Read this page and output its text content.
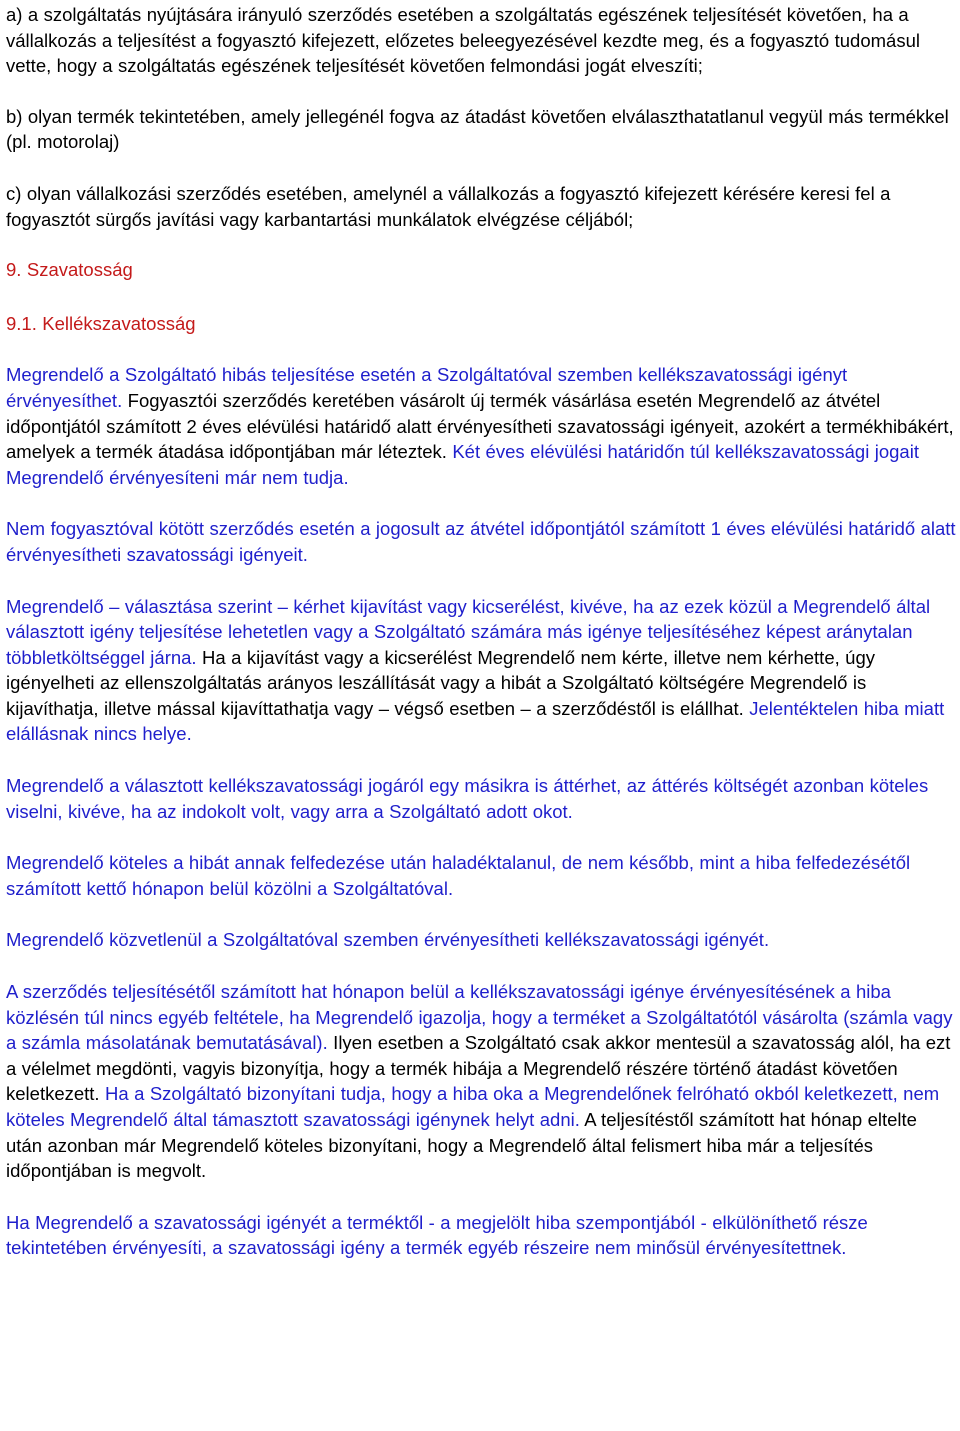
a) a szolgáltatás nyújtására irányuló szerződés esetében a szolgáltatás egészének teljesítését követően, ha a vállalkozás a teljesítést a fogyasztó kifejezett, előzetes beleegyezésével kezdte meg, és a fogyasztó tudomásul vette, hogy a szolgáltatás egészének teljesítését követően felmondási jogát elveszíti;

b) olyan termék tekintetében, amely jellegénél fogva az átadást követően elválaszthatatlanul vegyül más termékkel (pl. motorolaj)

c) olyan vállalkozási szerződés esetében, amelynél a vállalkozás a fogyasztó kifejezett kérésére keresi fel a fogyasztót sürgős javítási vagy karbantartási munkálatok elvégzése céljából;

9. Szavatosság

9.1. Kellékszavatosság

Megrendelő a Szolgáltató hibás teljesítése esetén a Szolgáltatóval szemben kellékszavatossági igényt érvényesíthet. Fogyasztói szerződés keretében vásárolt új termék vásárlása esetén Megrendelő az átvétel időpontjától számított 2 éves elévülési határidő alatt érvényesítheti szavatossági igényeit, azokért a termékhibákért, amelyek a termék átadása időpontjában már léteztek. Két éves elévülési határidőn túl kellékszavatossági jogait Megrendelő érvényesíteni már nem tudja.

Nem fogyasztóval kötött szerződés esetén a jogosult az átvétel időpontjától számított 1 éves elévülési határidő alatt érvényesítheti szavatossági igényeit.

Megrendelő – választása szerint – kérhet kijavítást vagy kicserélést, kivéve, ha az ezek közül a Megrendelő által választott igény teljesítése lehetetlen vagy a Szolgáltató számára más igénye teljesítéséhez képest aránytalan többletköltséggel járna. Ha a kijavítást vagy a kicserélést Megrendelő nem kérte, illetve nem kérhette, úgy igényelheti az ellenszolgáltatás arányos leszállítását vagy a hibát a Szolgáltató költségére Megrendelő is kijavíthatja, illetve mással kijavíttathatja vagy – végső esetben – a szerződéstől is elállhat. Jelentéktelen hiba miatt elállásnak nincs helye.

Megrendelő a választott kellékszavatossági jogáról egy másikra is áttérhet, az áttérés költségét azonban köteles viselni, kivéve, ha az indokolt volt, vagy arra a Szolgáltató adott okot.

Megrendelő köteles a hibát annak felfedezése után haladéktalanul, de nem később, mint a hiba felfedezésétől számított kettő hónapon belül közölni a Szolgáltatóval.

Megrendelő közvetlenül a Szolgáltatóval szemben érvényesítheti kellékszavatossági igényét.

A szerződés teljesítésétől számított hat hónapon belül a kellékszavatossági igénye érvényesítésének a hiba közlésén túl nincs egyéb feltétele, ha Megrendelő igazolja, hogy a terméket a Szolgáltatótól vásárolta (számla vagy a számla másolatának bemutatásával). Ilyen esetben a Szolgáltató csak akkor mentesül a szavatosság alól, ha ezt a vélelmet megdönti, vagyis bizonyítja, hogy a termék hibája a Megrendelő részére történő átadást követően keletkezett. Ha a Szolgáltató bizonyítani tudja, hogy a hiba oka a Megrendelőnek felróható okból keletkezett, nem köteles Megrendelő által támasztott szavatossági igénynek helyt adni. A teljesítéstől számított hat hónap eltelte után azonban már Megrendelő köteles bizonyítani, hogy a Megrendelő által felismert hiba már a teljesítés időpontjában is megvolt.

Ha Megrendelő a szavatossági igényét a terméktől - a megjelölt hiba szempontjából - elkülöníthető része tekintetében érvényesíti, a szavatossági igény a termék egyéb részeire nem minősül érvényesítettnek.
